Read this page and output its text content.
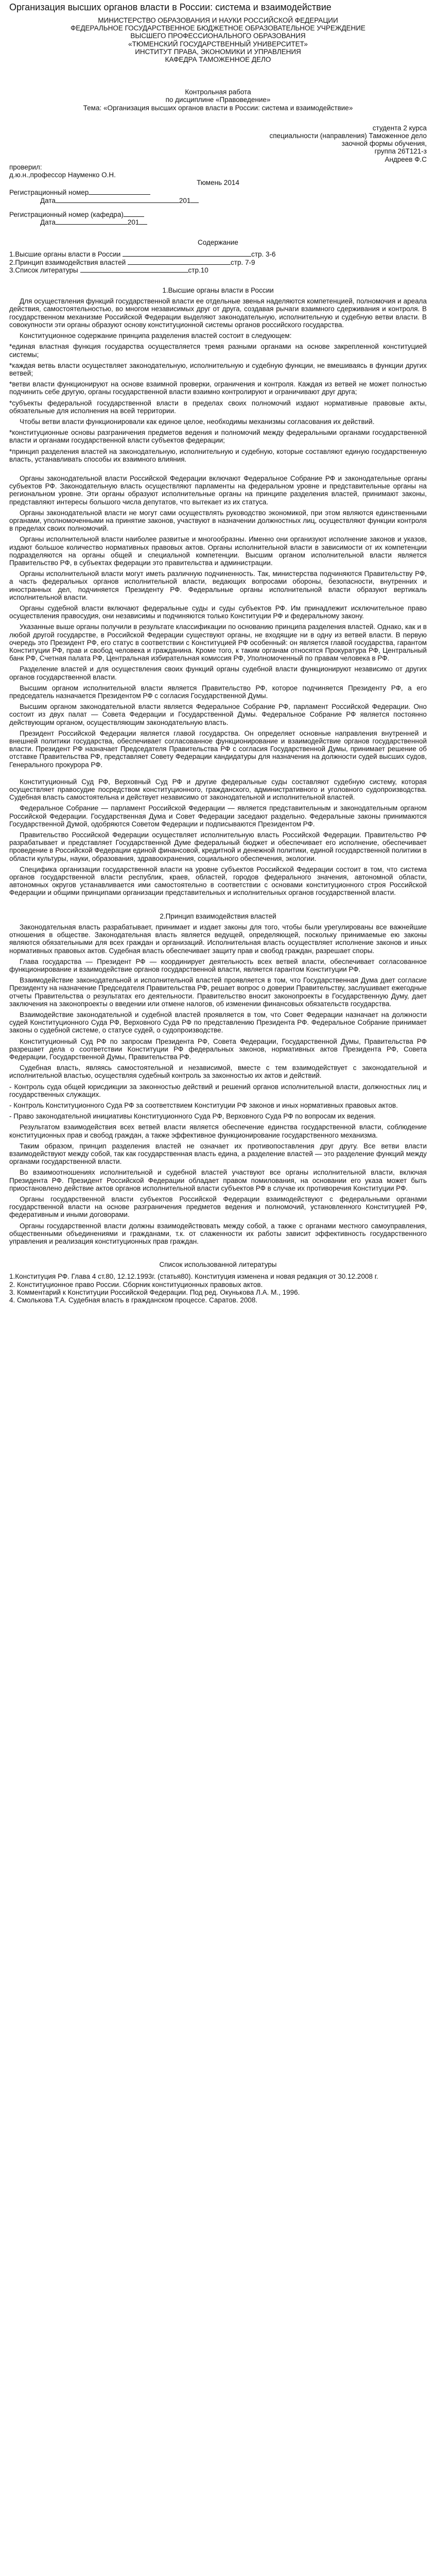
Организация высших органов власти в России: система и взаимодействие

МИНИСТЕРСТВО ОБРАЗОВАНИЯ И НАУКИ РОССИЙСКОЙ ФЕДЕРАЦИИ

ФЕДЕРАЛЬНОЕ ГОСУДАРСТВЕННОЕ БЮДЖЕТНОЕ ОБРАЗОВАТЕЛЬНОЕ УЧРЕЖДЕНИЕ

ВЫСШЕГО ПРОФЕССИОНАЛЬНОГО ОБРАЗОВАНИЯ

«ТЮМЕНСКИЙ ГОСУДАРСТВЕННЫЙ УНИВЕРСИТЕТ»

ИНСТИТУТ ПРАВА, ЭКОНОМИКИ И УПРАВЛЕНИЯ

КАФЕДРА ТАМОЖЕННОЕ ДЕЛО

Контрольная работа

по дисциплине «Правоведение»

Тема: «Организация высших органов власти в России: система и взаимодействие»

студента 2 курса

специальности (направления) Таможенное дело

заочной формы обучения,

группа 26Т121-з

Андреев Ф.С

проверил:

д.ю.н.,профессор Науменко О.Н.

Тюмень 2014

Регистрационный номер

Дата	201

Регистрационный номер (кафедра)

Дата	201

Содержание

1.Высшие органы власти в России	стр. 3-6

2.Принцип взаимодействия властей	стр. 7-9

3.Список литературы	стр.10

1.Высшие органы власти в России

Для осуществления функций государственной власти ее отдельные звенья наделяются компетенцией, полномочия и ареала действия, самостоятельностью, во многом независимых друг от друга, создавая рычаги взаимного сдерживания и контроля. В государственном механизме Российской Федерации выделяют законодательную, исполнительную и судебную ветви власти. В совокупности эти органы образуют основу конституционной системы органов российского государства.

Конституционное содержание принципа разделения властей состоит в следующем:

*единая властная функция государства осуществляется тремя разными органами на основе закрепленной конституцией системы;

*каждая ветвь власти осуществляет законодательную, исполнительную и судебную функции, не вмешиваясь в функции других ветвей;

*ветви власти функционируют на основе взаимной проверки, ограничения и контроля. Каждая из ветвей не может полностью подчинить себе другую, органы государственной власти взаимно контролируют и ограничивают друг друга;

*субъекты федеральной государственной власти в пределах своих полномочий издают нормативные правовые акты, обязательные для исполнения на всей территории.

Чтобы ветви власти функционировали как единое целое, необходимы механизмы согласования их действий.

*конституционные основы разграничения предметов ведения и полномочий между федеральными органами государственной власти и органами государственной власти субъектов федерации;

*принцип разделения властей на законодательную, исполнительную и судебную, которые составляют единую государственную власть, устанавливать способы их взаимного влияния.

Органы законодательной власти Российской Федерации включают Федеральное Собрание РФ и законодательные органы субъектов РФ. Законодательную власть осуществляют парламенты на федеральном уровне и представительные органы на региональном уровне. Эти органы образуют исполнительные органы на принципе разделения властей, принимают законы, представляют интересы большого числа депутатов, что вытекает из их статуса.

Органы законодательной власти не могут сами осуществлять руководство экономикой, при этом являются единственными органами, уполномоченными на принятие законов, участвуют в назначении должностных лиц, осуществляют функции контроля в пределах своих полномочий.

Органы исполнительной власти наиболее развитые и многообразны. Именно они организуют исполнение законов и указов, издают большое количество нормативных правовых актов. Органы исполнительной власти в зависимости от их компетенции подразделяются на органы общей и специальной компетенции. Высшим органом исполнительной власти является Правительство РФ, в субъектах федерации это правительства и администрации.

Органы исполнительной власти могут иметь различную подчиненность. Так, министерства подчиняются Правительству РФ, а часть федеральных органов исполнительной власти, ведающих вопросами обороны, безопасности, внутренних и иностранных дел, подчиняется Президенту РФ. Федеральные органы исполнительной власти образуют вертикаль исполнительной власти.

Органы судебной власти включают федеральные суды и суды субъектов РФ. Им принадлежит исключительное право осуществления правосудия, они независимы и подчиняются только Конституции РФ и федеральному закону.

Указанные выше органы получили в результате классификации по основанию принципа разделения властей. Однако, как и в любой другой государстве, в Российской Федерации существуют органы, не входящие ни в одну из ветвей власти. В первую очередь это Президент РФ, его статус в соответствии с Конституцией РФ особенный: он является главой государства, гарантом Конституции РФ, прав и свобод человека и гражданина. Кроме того, к таким органам относятся Прокуратура РФ, Центральный банк РФ, Счетная палата РФ, Центральная избирательная комиссия РФ, Уполномоченный по правам человека в РФ.

Разделение властей и для осуществления своих функций органы судебной власти функционируют независимо от других органов государственной власти.

Высшим органом исполнительной власти является Правительство РФ, которое подчиняется Президенту РФ, а его председатель назначается Президентом РФ с согласия Государственной Думы.

Высшим органом законодательной власти является Федеральное Собрание РФ, парламент Российской Федерации. Оно состоит из двух палат — Совета Федерации и Государственной Думы. Федеральное Собрание РФ является постоянно действующим органом, осуществляющим законодательную власть.

Президент Российской Федерации является главой государства. Он определяет основные направления внутренней и внешней политики государства, обеспечивает согласованное функционирование и взаимодействие органов государственной власти. Президент РФ назначает Председателя Правительства РФ с согласия Государственной Думы, принимает решение об отставке Правительства РФ, представляет Совету Федерации кандидатуры для назначения на должности судей высших судов, Генерального прокурора РФ.

Конституционный Суд РФ, Верховный Суд РФ и другие федеральные суды составляют судебную систему, которая осуществляет правосудие посредством конституционного, гражданского, административного и уголовного судопроизводства. Судебная власть самостоятельна и действует независимо от законодательной и исполнительной властей.

Федеральное Собрание — парламент Российской Федерации — является представительным и законодательным органом Российской Федерации. Государственная Дума и Совет Федерации заседают раздельно. Федеральные законы принимаются Государственной Думой, одобряются Советом Федерации и подписываются Президентом РФ.

Правительство Российской Федерации осуществляет исполнительную власть Российской Федерации. Правительство РФ разрабатывает и представляет Государственной Думе федеральный бюджет и обеспечивает его исполнение, обеспечивает проведение в Российской Федерации единой финансовой, кредитной и денежной политики, единой государственной политики в области культуры, науки, образования, здравоохранения, социального обеспечения, экологии.

Специфика организации государственной власти на уровне субъектов Российской Федерации состоит в том, что система органов государственной власти республик, краев, областей, городов федерального значения, автономной области, автономных округов устанавливается ими самостоятельно в соответствии с основами конституционного строя Российской Федерации и общими принципами организации представительных и исполнительных органов государственной власти.

2.Принцип взаимодействия властей

Законодательная власть разрабатывает, принимает и издает законы для того, чтобы были урегулированы все важнейшие отношения в обществе. Законодательная власть является ведущей, определяющей, поскольку принимаемые ею законы являются обязательными для всех граждан и организаций. Исполнительная власть осуществляет исполнение законов и иных нормативных правовых актов. Судебная власть обеспечивает защиту прав и свобод граждан, разрешает споры.

Глава государства — Президент РФ — координирует деятельность всех ветвей власти, обеспечивает согласованное функционирование и взаимодействие органов государственной власти, является гарантом Конституции РФ.

Взаимодействие законодательной и исполнительной властей проявляется в том, что Государственная Дума дает согласие Президенту на назначение Председателя Правительства РФ, решает вопрос о доверии Правительству, заслушивает ежегодные отчеты Правительства о результатах его деятельности. Правительство вносит законопроекты в Государственную Думу, дает заключения на законопроекты о введении или отмене налогов, об изменении финансовых обязательств государства.

Взаимодействие законодательной и судебной властей проявляется в том, что Совет Федерации назначает на должности судей Конституционного Суда РФ, Верховного Суда РФ по представлению Президента РФ. Федеральное Собрание принимает законы о судебной системе, о статусе судей, о судопроизводстве.

Конституционный Суд РФ по запросам Президента РФ, Совета Федерации, Государственной Думы, Правительства РФ разрешает дела о соответствии Конституции РФ федеральных законов, нормативных актов Президента РФ, Совета Федерации, Государственной Думы, Правительства РФ.

Судебная власть, являясь самостоятельной и независимой, вместе с тем взаимодействует с законодательной и исполнительной властью, осуществляя судебный контроль за законностью их актов и действий.

- Контроль суда общей юрисдикции за законностью действий и решений органов исполнительной власти, должностных лиц и государственных служащих.

- Контроль Конституционного Суда РФ за соответствием Конституции РФ законов и иных нормативных правовых актов.

- Право законодательной инициативы Конституционного Суда РФ, Верховного Суда РФ по вопросам их ведения.

Результатом взаимодействия всех ветвей власти является обеспечение единства государственной власти, соблюдение конституционных прав и свобод граждан, а также эффективное функционирование государственного механизма.

Таким образом, принцип разделения властей не означает их противопоставления друг другу. Все ветви власти взаимодействуют между собой, так как государственная власть едина, а разделение властей — это разделение функций между органами государственной власти.

Во взаимоотношениях исполнительной и судебной властей участвуют все органы исполнительной власти, включая Президента РФ. Президент Российской Федерации обладает правом помилования, на основании его указа может быть приостановлено действие актов органов исполнительной власти субъектов РФ в случае их противоречия Конституции РФ.

Органы государственной власти субъектов Российской Федерации взаимодействуют с федеральными органами государственной власти на основе разграничения предметов ведения и полномочий, установленного Конституцией РФ, федеративным и иными договорами.

Органы государственной власти должны взаимодействовать между собой, а также с органами местного самоуправления, общественными объединениями и гражданами, т.к. от слаженности их работы зависит эффективность государственного управления и реализация конституционных прав граждан.

Список использованной литературы

1.Конституция РФ. Глава 4 ст.80, 12.12.1993г. (статья80). Конституция изменена и новая редакция от 30.12.2008 г.

2. Конституционное право России. Сборник конституционных правовых актов.

3. Комментарий к Конституции Российской Федерации. Под ред. Окунькова Л.А. М., 1996.

4. Смолькова Т.А. Судебная власть в гражданском процессе. Саратов. 2008.
